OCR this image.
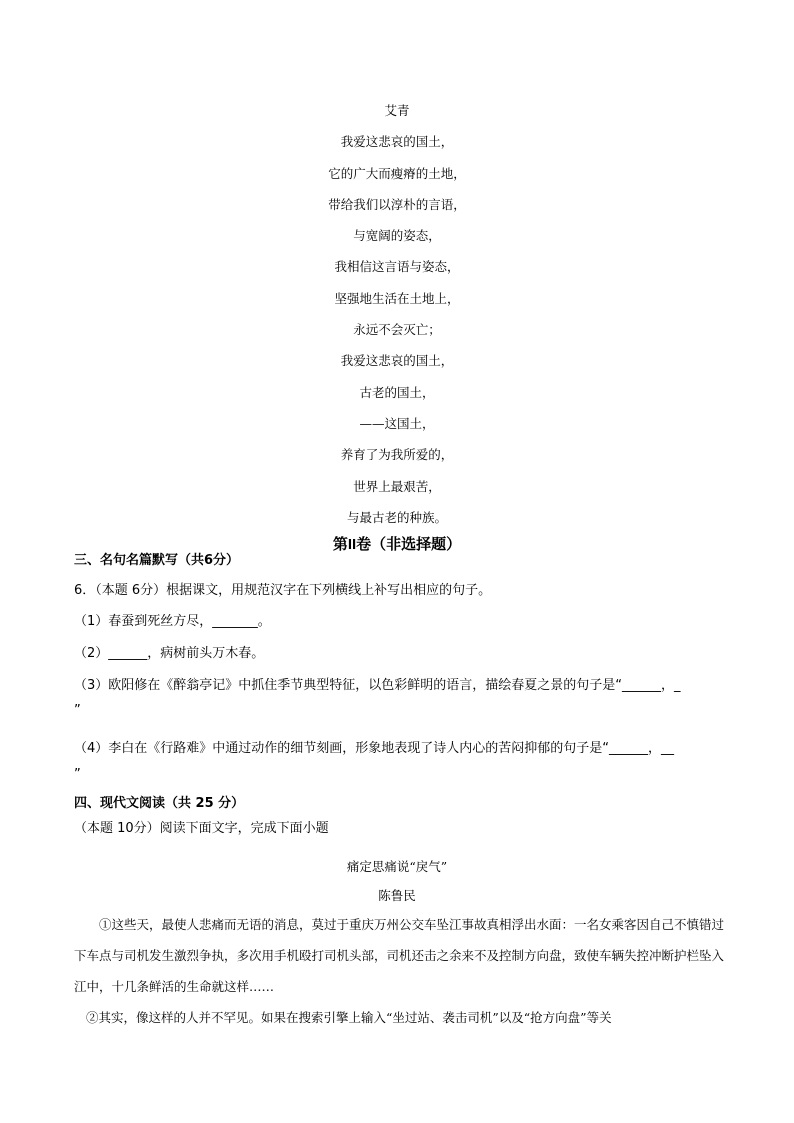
艾青
我爱这悲哀的国土，
它的广大而瘦瘠的土地，
带给我们以淳朴的言语，
与宽阔的姿态，
我相信这言语与姿态，
坚强地生活在土地上，
永远不会灭亡；
我爱这悲哀的国土，
古老的国土，
——这国土，
养育了为我所爱的，
世界上最艰苦，
与最古老的种族。
第II卷（非选择题）
三、名句名篇默写（共6分）
6．（本题 6分）根据课文，用规范汉字在下列横线上补写出相应的句子。
（1）春蚕到死丝方尽，_______。
（2）______，病树前头万木春。
（3）欧阳修在《醉翁亭记》中抓住季节典型特征，以色彩鲜明的语言，描绘春夏之景的句子是“______，_
”
（4）李白在《行路难》中通过动作的细节刻画，形象地表现了诗人内心的苦闷抑郁的句子是“______，__
”
四、现代文阅读（共 25 分）
（本题 10分）阅读下面文字，完成下面小题
痛定思痛说“戾气”
陈鲁民
①这些天，最使人悲痛而无语的消息，莫过于重庆万州公交车坠江事故真相浮出水面：一名女乘客因自己不慎错过下车点与司机发生激烈争执，多次用手机殴打司机头部，司机还击之余来不及控制方向盘，致使车辆失控冲断护栏坠入江中，十几条鲜活的生命就这样……
②其实，像这样的人并不罕见。如果在搜索引擎上输入“坐过站、袭击司机”以及“抢方向盘”等关
